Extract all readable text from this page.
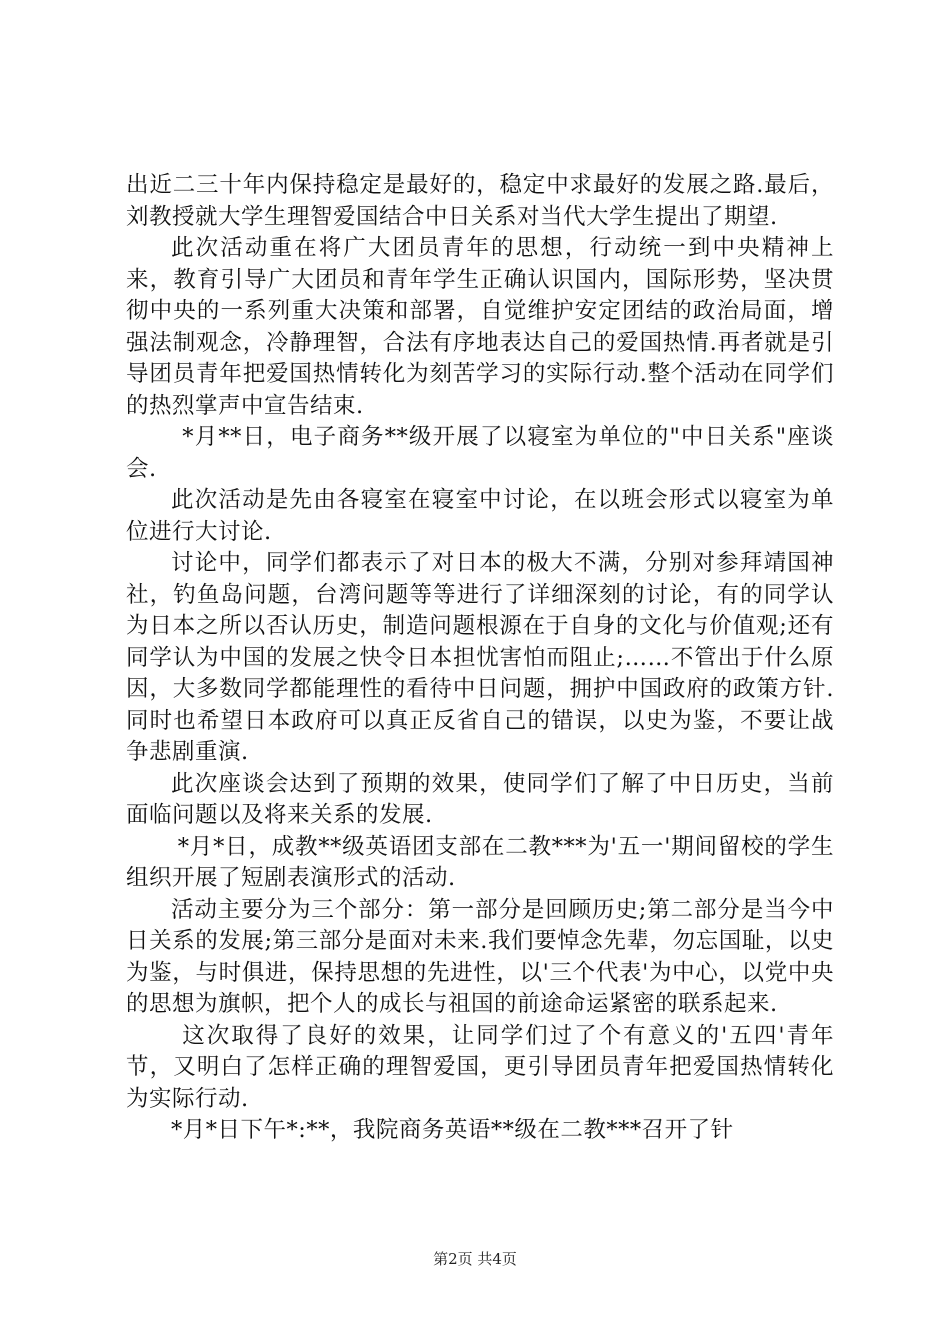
出近二三十年内保持稳定是最好的，稳定中求最好的发展之路.最后，刘教授就大学生理智爱国结合中日关系对当代大学生提出了期望.

此次活动重在将广大团员青年的思想，行动统一到中央精神上来，教育引导广大团员和青年学生正确认识国内，国际形势，坚决贯彻中央的一系列重大决策和部署，自觉维护安定团结的政治局面，增强法制观念，冷静理智，合法有序地表达自己的爱国热情.再者就是引导团员青年把爱国热情转化为刻苦学习的实际行动.整个活动在同学们的热烈掌声中宣告结束.

*月**日，电子商务**级开展了以寝室为单位的"中日关系"座谈会.

此次活动是先由各寝室在寝室中讨论，在以班会形式以寝室为单位进行大讨论.

讨论中，同学们都表示了对日本的极大不满，分别对参拜靖国神社，钓鱼岛问题，台湾问题等等进行了详细深刻的讨论，有的同学认为日本之所以否认历史，制造问题根源在于自身的文化与价值观;还有同学认为中国的发展之快令日本担忧害怕而阻止;……不管出于什么原因，大多数同学都能理性的看待中日问题，拥护中国政府的政策方针.同时也希望日本政府可以真正反省自己的错误，以史为鉴，不要让战争悲剧重演.

此次座谈会达到了预期的效果，使同学们了解了中日历史，当前面临问题以及将来关系的发展.

*月*日，成教**级英语团支部在二教***为'五一'期间留校的学生组织开展了短剧表演形式的活动.

活动主要分为三个部分：第一部分是回顾历史;第二部分是当今中日关系的发展;第三部分是面对未来.我们要悼念先辈，勿忘国耻，以史为鉴，与时俱进，保持思想的先进性，以'三个代表'为中心，以党中央的思想为旗帜，把个人的成长与祖国的前途命运紧密的联系起来.

这次取得了良好的效果，让同学们过了个有意义的'五四'青年节，又明白了怎样正确的理智爱国，更引导团员青年把爱国热情转化为实际行动.

*月*日下午*:**，我院商务英语**级在二教***召开了针

第2页 共4页
